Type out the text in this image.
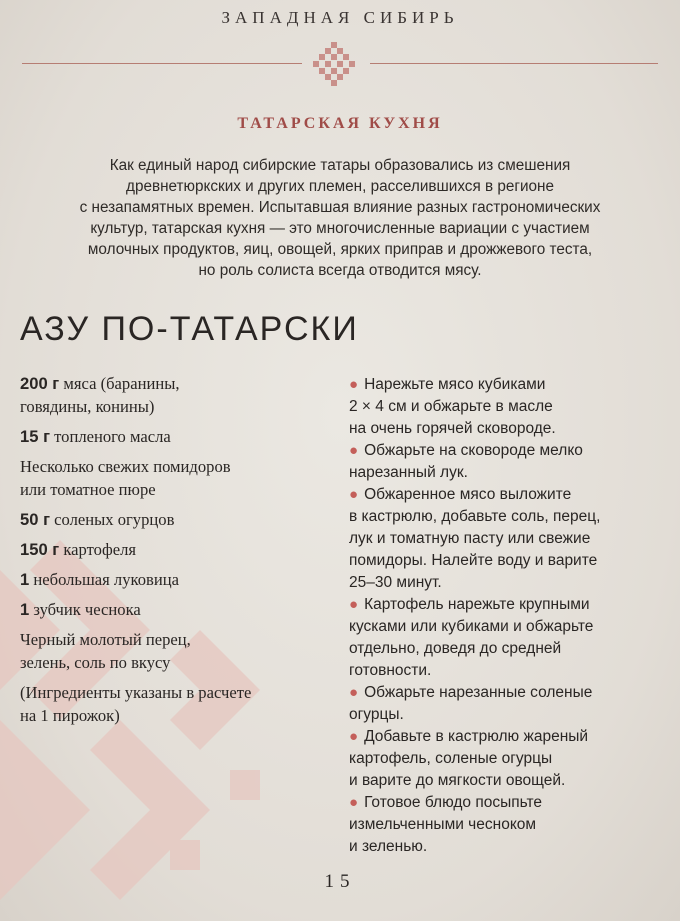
ЗАПАДНАЯ СИБИРЬ
ТАТАРСКАЯ КУХНЯ
Как единый народ сибирские татары образовались из смешения
древнетюркских и других племен, расселившихся в регионе
с незапамятных времен. Испытавшая влияние разных гастрономических
культур, татарская кухня — это многочисленные вариации с участием
молочных продуктов, яиц, овощей, ярких приправ и дрожжевого теста,
но роль солиста всегда отводится мясу.
АЗУ ПО-ТАТАРСКИ
200 г мяса (баранины,
говядины, конины)
15 г топленого масла
Несколько свежих помидоров
или томатное пюре
50 г соленых огурцов
150 г картофеля
1 небольшая луковица
1 зубчик чеснока
Черный молотый перец,
зелень, соль по вкусу
(Ингредиенты указаны в расчете
на 1 пирожок)
● Нарежьте мясо кубиками
2 × 4 см и обжарьте в масле
на очень горячей сковороде.
● Обжарьте на сковороде мелко
нарезанный лук.
● Обжаренное мясо выложите
в кастрюлю, добавьте соль, перец,
лук и томатную пасту или свежие
помидоры. Налейте воду и варите
25–30 минут.
● Картофель нарежьте крупными
кусками или кубиками и обжарьте
отдельно, доведя до средней
готовности.
● Обжарьте нарезанные соленые
огурцы.
● Добавьте в кастрюлю жареный
картофель, соленые огурцы
и варите до мягкости овощей.
● Готовое блюдо посыпьте
измельченными чесноком
и зеленью.
15
